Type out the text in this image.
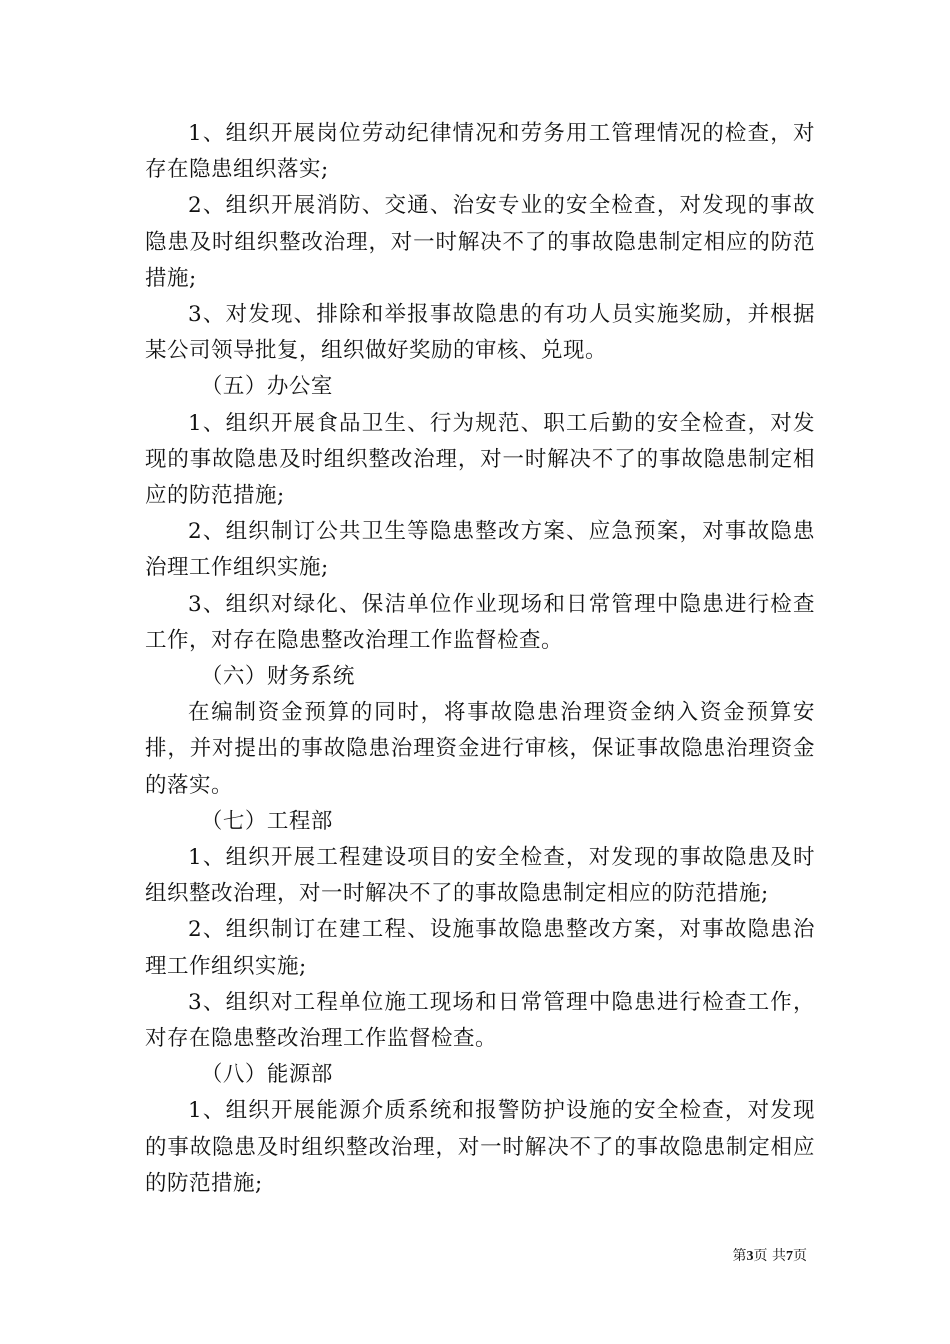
1、组织开展岗位劳动纪律情况和劳务用工管理情况的检查，对存在隐患组织落实;

2、组织开展消防、交通、治安专业的安全检查，对发现的事故隐患及时组织整改治理，对一时解决不了的事故隐患制定相应的防范措施;

3、对发现、排除和举报事故隐患的有功人员实施奖励，并根据某公司领导批复，组织做好奖励的审核、兑现。

（五）办公室

1、组织开展食品卫生、行为规范、职工后勤的安全检查，对发现的事故隐患及时组织整改治理，对一时解决不了的事故隐患制定相应的防范措施;

2、组织制订公共卫生等隐患整改方案、应急预案，对事故隐患治理工作组织实施;

3、组织对绿化、保洁单位作业现场和日常管理中隐患进行检查工作，对存在隐患整改治理工作监督检查。

（六）财务系统

在编制资金预算的同时，将事故隐患治理资金纳入资金预算安排，并对提出的事故隐患治理资金进行审核，保证事故隐患治理资金的落实。

（七）工程部

1、组织开展工程建设项目的安全检查，对发现的事故隐患及时组织整改治理，对一时解决不了的事故隐患制定相应的防范措施;

2、组织制订在建工程、设施事故隐患整改方案，对事故隐患治理工作组织实施;

3、组织对工程单位施工现场和日常管理中隐患进行检查工作，对存在隐患整改治理工作监督检查。

（八）能源部

1、组织开展能源介质系统和报警防护设施的安全检查，对发现的事故隐患及时组织整改治理，对一时解决不了的事故隐患制定相应的防范措施;

第3页 共7页
